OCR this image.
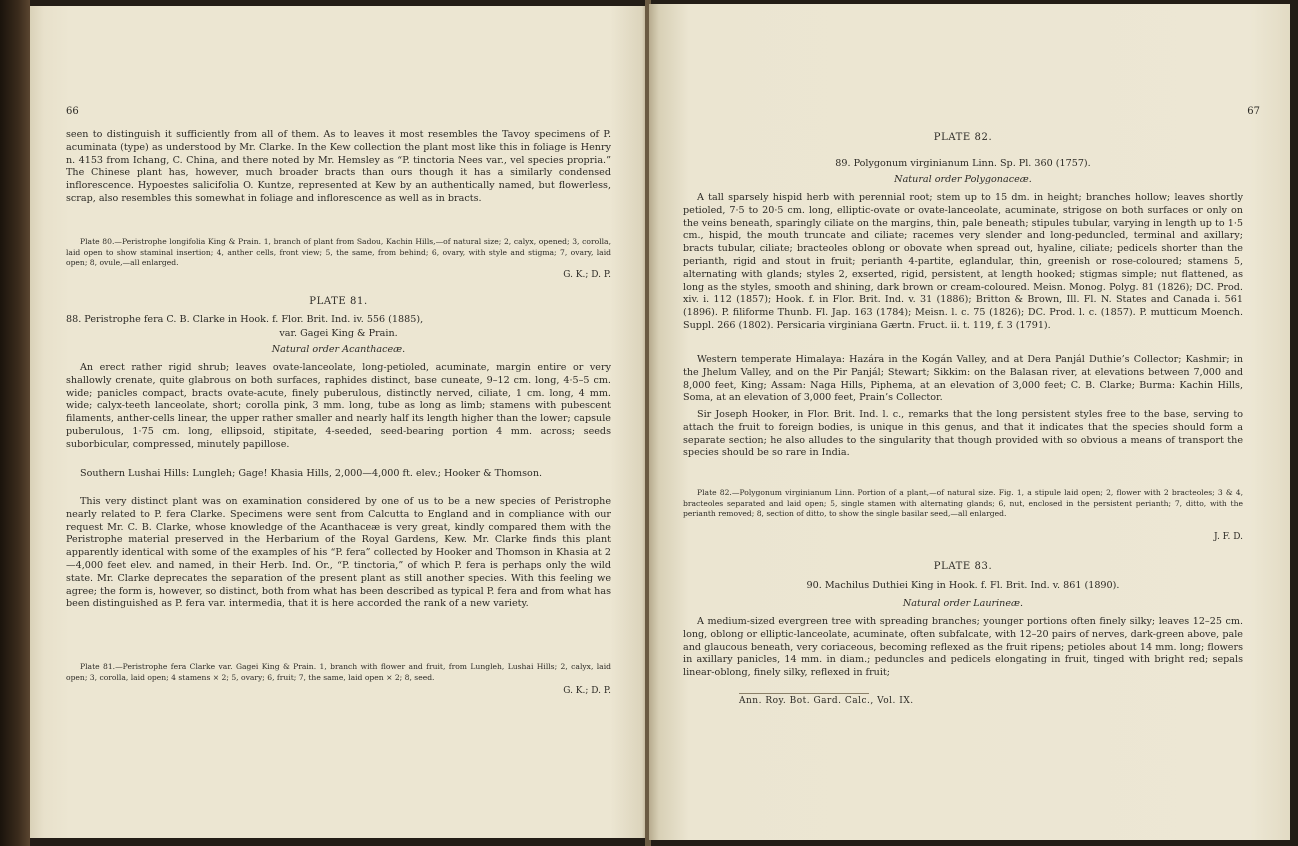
66

seen to distinguish it sufficiently from all of them. As to leaves it most resembles the Tavoy specimens of P. acuminata (type) as understood by Mr. Clarke. In the Kew collection the plant most like this in foliage is Henry n. 4153 from Ichang, C. China, and there noted by Mr. Hemsley as “P. tinctoria Nees var., vel species propria.” The Chinese plant has, however, much broader bracts than ours though it has a similarly condensed inflorescence. Hypoestes salicifolia O. Kuntze, represented at Kew by an authentically named, but flowerless, scrap, also resembles this somewhat in foliage and inflorescence as well as in bracts.

Plate 80.—Peristrophe longifolia King & Prain. 1, branch of plant from Sadou, Kachin Hills,—of natural size; 2, calyx, opened; 3, corolla, laid open to show staminal insertion; 4, anther cells, front view; 5, the same, from behind; 6, ovary, with style and stigma; 7, ovary, laid open; 8, ovule,—all enlarged.

G. K.; D. P.
PLATE 81.
88. Peristrophe fera C. B. Clarke in Hook. f. Flor. Brit. Ind. iv. 556 (1885),
var. Gagei King & Prain.
Natural order Acanthaceæ.

An erect rather rigid shrub; leaves ovate-lanceolate, long-petioled, acuminate, margin entire or very shallowly crenate, quite glabrous on both surfaces, raphides distinct, base cuneate, 9–12 cm. long, 4·5–5 cm. wide; panicles compact, bracts ovate-acute, finely puberulous, distinctly nerved, ciliate, 1 cm. long, 4 mm. wide; calyx-teeth lanceolate, short; corolla pink, 3 mm. long, tube as long as limb; stamens with pubescent filaments, anther-cells linear, the upper rather smaller and nearly half its length higher than the lower; capsule puberulous, 1·75 cm. long, ellipsoid, stipitate, 4-seeded, seed-bearing portion 4 mm. across; seeds suborbicular, compressed, minutely papillose.

Southern Lushai Hills: Lungleh; Gage! Khasia Hills, 2,000—4,000 ft. elev.; Hooker & Thomson.

This very distinct plant was on examination considered by one of us to be a new species of Peristrophe nearly related to P. fera Clarke. Specimens were sent from Calcutta to England and in compliance with our request Mr. C. B. Clarke, whose knowledge of the Acanthaceæ is very great, kindly compared them with the Peristrophe material preserved in the Herbarium of the Royal Gardens, Kew. Mr. Clarke finds this plant apparently identical with some of the examples of his “P. fera” collected by Hooker and Thomson in Khasia at 2—4,000 feet elev. and named, in their Herb. Ind. Or., “P. tinctoria,” of which P. fera is perhaps only the wild state. Mr. Clarke deprecates the separation of the present plant as still another species. With this feeling we agree; the form is, however, so distinct, both from what has been described as typical P. fera and from what has been distinguished as P. fera var. intermedia, that it is here accorded the rank of a new variety.

Plate 81.—Peristrophe fera Clarke var. Gagei King & Prain. 1, branch with flower and fruit, from Lungleh, Lushai Hills; 2, calyx, laid open; 3, corolla, laid open; 4 stamens × 2; 5, ovary; 6, fruit; 7, the same, laid open × 2; 8, seed.

G. K.; D. P.
67
PLATE 82.
89. Polygonum virginianum Linn. Sp. Pl. 360 (1757).
Natural order Polygonaceæ.

A tall sparsely hispid herb with perennial root; stem up to 15 dm. in height; branches hollow; leaves shortly petioled, 7·5 to 20·5 cm. long, elliptic-ovate or ovate-lanceolate, acuminate, strigose on both surfaces or only on the veins beneath, sparingly ciliate on the margins, thin, pale beneath; stipules tubular, varying in length up to 1·5 cm., hispid, the mouth truncate and ciliate; racemes very slender and long-peduncled, terminal and axillary; bracts tubular, ciliate; bracteoles oblong or obovate when spread out, hyaline, ciliate; pedicels shorter than the perianth, rigid and stout in fruit; perianth 4-partite, eglandular, thin, greenish or rose-coloured; stamens 5, alternating with glands; styles 2, exserted, rigid, persistent, at length hooked; stigmas simple; nut flattened, as long as the styles, smooth and shining, dark brown or cream-coloured. Meisn. Monog. Polyg. 81 (1826); DC. Prod. xiv. i. 112 (1857); Hook. f. in Flor. Brit. Ind. v. 31 (1886); Britton & Brown, Ill. Fl. N. States and Canada i. 561 (1896). P. filiforme Thunb. Fl. Jap. 163 (1784); Meisn. l. c. 75 (1826); DC. Prod. l. c. (1857). P. mutticum Moench. Suppl. 266 (1802). Persicaria virginiana Gærtn. Fruct. ii. t. 119, f. 3 (1791).

Western temperate Himalaya: Hazára in the Kogán Valley, and at Dera Panjál Duthie’s Collector; Kashmir; in the Jhelum Valley, and on the Pir Panjál; Stewart; Sikkim: on the Balasan river, at elevations between 7,000 and 8,000 feet, King; Assam: Naga Hills, Piphema, at an elevation of 3,000 feet; C. B. Clarke; Burma: Kachin Hills, Soma, at an elevation of 3,000 feet, Prain’s Collector.

Sir Joseph Hooker, in Flor. Brit. Ind. l. c., remarks that the long persistent styles free to the base, serving to attach the fruit to foreign bodies, is unique in this genus, and that it indicates that the species should form a separate section; he also alludes to the singularity that though provided with so obvious a means of transport the species should be so rare in India.

Plate 82.—Polygonum virginianum Linn. Portion of a plant,—of natural size. Fig. 1, a stipule laid open; 2, flower with 2 bracteoles; 3 & 4, bracteoles separated and laid open; 5, single stamen with alternating glands; 6, nut, enclosed in the persistent perianth; 7, ditto, with the perianth removed; 8, section of ditto, to show the single basilar seed,—all enlarged.

J. F. D.
PLATE 83.
90. Machilus Duthiei King in Hook. f. Fl. Brit. Ind. v. 861 (1890).
Natural order Laurineæ.

A medium-sized evergreen tree with spreading branches; younger portions often finely silky; leaves 12–25 cm. long, oblong or elliptic-lanceolate, acuminate, often subfalcate, with 12–20 pairs of nerves, dark-green above, pale and glaucous beneath, very coriaceous, becoming reflexed as the fruit ripens; petioles about 14 mm. long; flowers in axillary panicles, 14 mm. in diam.; peduncles and pedicels elongating in fruit, tinged with bright red; sepals linear-oblong, finely silky, reflexed in fruit;

Ann. Roy. Bot. Gard. Calc., Vol. IX.
